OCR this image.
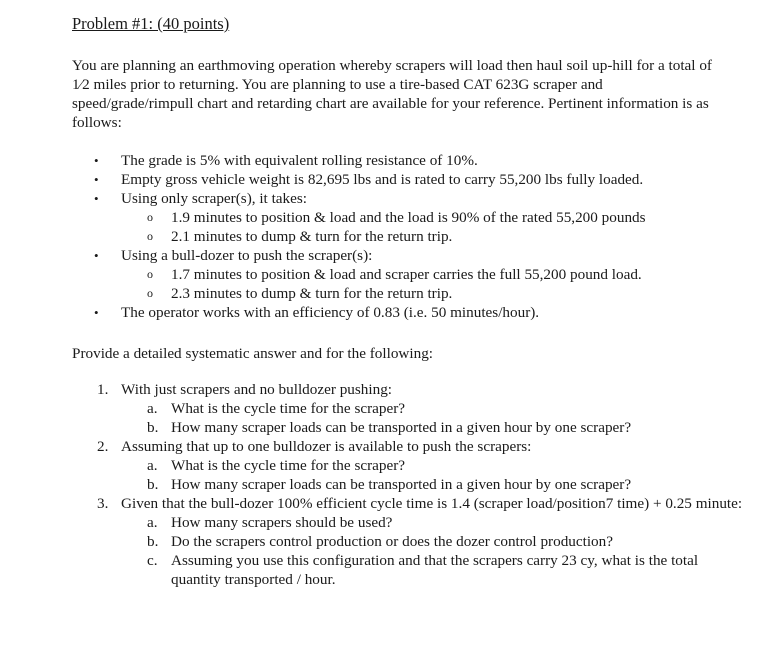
Problem #1: (40 points)
You are planning an earthmoving operation whereby scrapers will load then haul soil up-hill for a total of 1⁄2 miles prior to returning. You are planning to use a tire-based CAT 623G scraper and speed/grade/rimpull chart and retarding chart are available for your reference. Pertinent information is as follows:
• The grade is 5% with equivalent rolling resistance of 10%.
• Empty gross vehicle weight is 82,695 lbs and is rated to carry 55,200 lbs fully loaded.
• Using only scraper(s), it takes:
o 1.9 minutes to position & load and the load is 90% of the rated 55,200 pounds
o 2.1 minutes to dump & turn for the return trip.
• Using a bull-dozer to push the scraper(s):
o 1.7 minutes to position & load and scraper carries the full 55,200 pound load.
o 2.3 minutes to dump & turn for the return trip.
• The operator works with an efficiency of 0.83 (i.e. 50 minutes/hour).
Provide a detailed systematic answer and for the following:
1. With just scrapers and no bulldozer pushing:
a. What is the cycle time for the scraper?
b. How many scraper loads can be transported in a given hour by one scraper?
2. Assuming that up to one bulldozer is available to push the scrapers:
a. What is the cycle time for the scraper?
b. How many scraper loads can be transported in a given hour by one scraper?
3. Given that the bull-dozer 100% efficient cycle time is 1.4 (scraper load/position7 time) + 0.25 minute:
a. How many scrapers should be used?
b. Do the scrapers control production or does the dozer control production?
c. Assuming you use this configuration and that the scrapers carry 23 cy, what is the total quantity transported / hour.
